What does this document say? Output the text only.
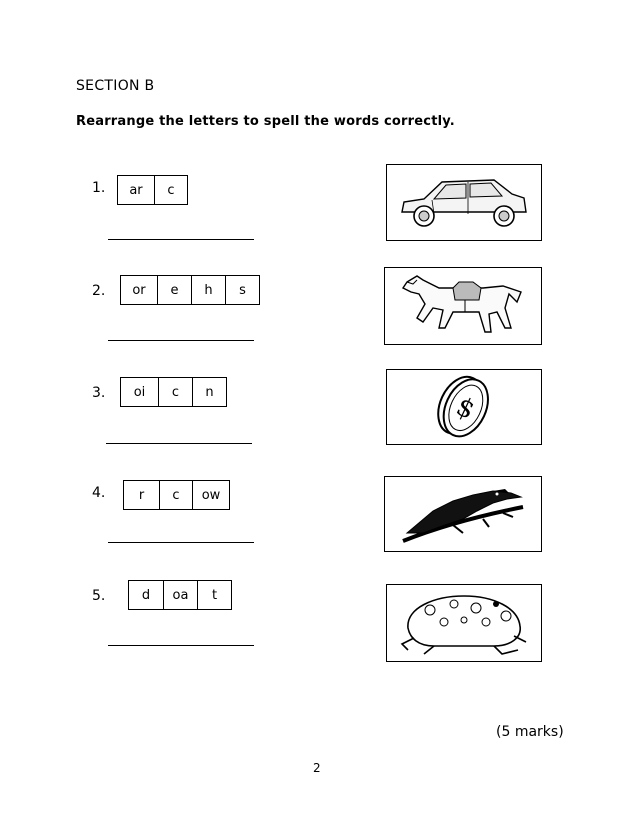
SECTION B
Rearrange the letters to spell the words correctly.
1.	ar	c
2.	or	e	h	s
3.	oi	c	n	$
4.	r	c	ow
5.	d	oa	t
(5 marks)
2
